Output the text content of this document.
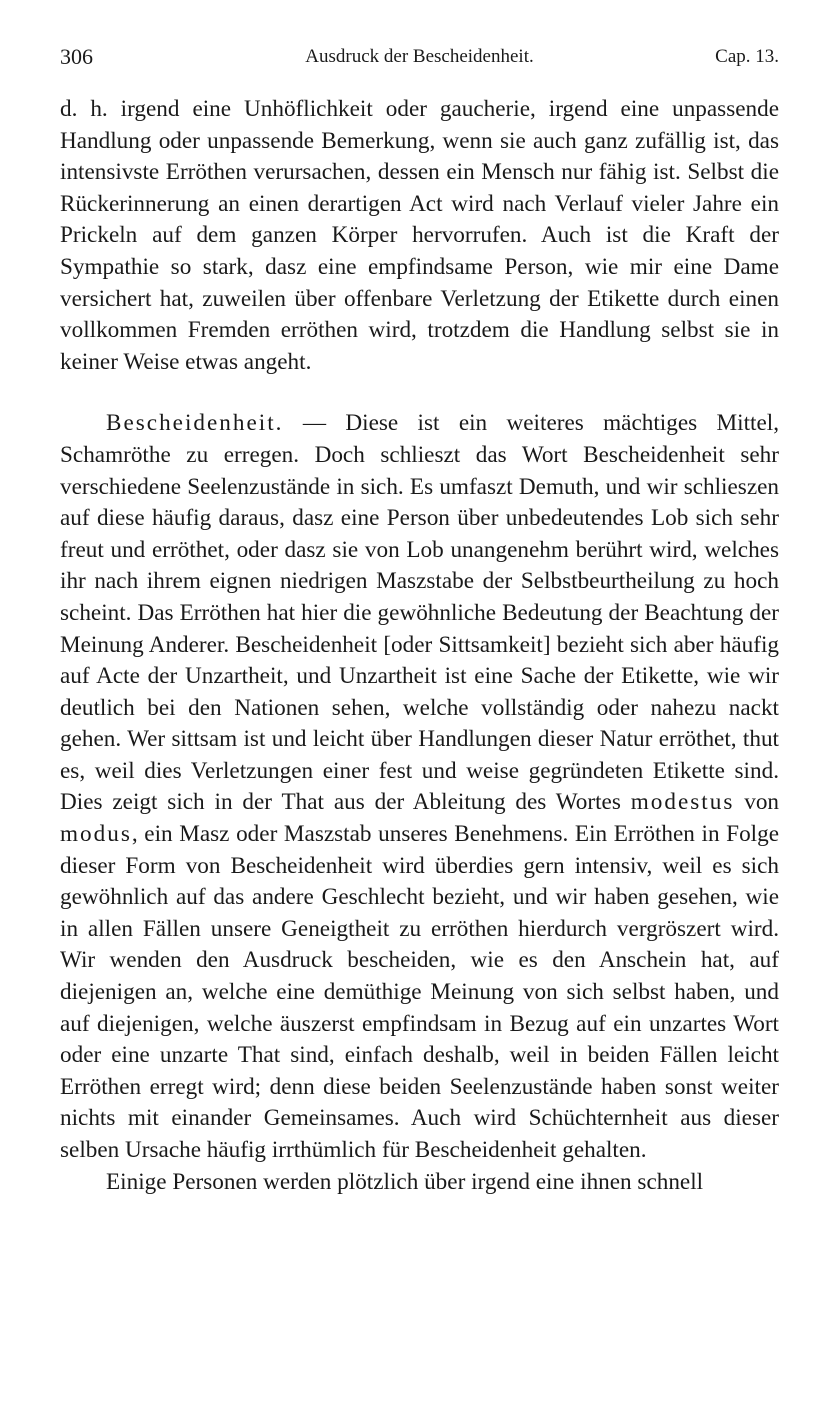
306	Ausdruck der Bescheidenheit.	Cap. 13.

d. h. irgend eine Unhöflichkeit oder gaucherie, irgend eine unpassende Handlung oder unpassende Bemerkung, wenn sie auch ganz zufällig ist, das intensivste Erröthen verursachen, dessen ein Mensch nur fähig ist. Selbst die Rückerinnerung an einen derartigen Act wird nach Verlauf vieler Jahre ein Prickeln auf dem ganzen Körper hervorrufen. Auch ist die Kraft der Sympathie so stark, dasz eine empfindsame Person, wie mir eine Dame versichert hat, zuweilen über offenbare Verletzung der Etikette durch einen vollkommen Fremden erröthen wird, trotzdem die Handlung selbst sie in keiner Weise etwas angeht.

Bescheidenheit. — Diese ist ein weiteres mächtiges Mittel, Schamröthe zu erregen. Doch schlieszt das Wort Bescheidenheit sehr verschiedene Seelenzustände in sich. Es umfaszt Demuth, und wir schlieszen auf diese häufig daraus, dasz eine Person über unbedeutendes Lob sich sehr freut und erröthet, oder dasz sie von Lob unangenehm berührt wird, welches ihr nach ihrem eignen niedrigen Maszstabe der Selbstbeurtheilung zu hoch scheint. Das Erröthen hat hier die gewöhnliche Bedeutung der Beachtung der Meinung Anderer. Bescheidenheit [oder Sittsamkeit] bezieht sich aber häufig auf Acte der Unzartheit, und Unzartheit ist eine Sache der Etikette, wie wir deutlich bei den Nationen sehen, welche vollständig oder nahezu nackt gehen. Wer sittsam ist und leicht über Handlungen dieser Natur erröthet, thut es, weil dies Verletzungen einer fest und weise gegründeten Etikette sind. Dies zeigt sich in der That aus der Ableitung des Wortes modestus von modus, ein Masz oder Maszstab unseres Benehmens. Ein Erröthen in Folge dieser Form von Bescheidenheit wird überdies gern intensiv, weil es sich gewöhnlich auf das andere Geschlecht bezieht, und wir haben gesehen, wie in allen Fällen unsere Geneigtheit zu erröthen hierdurch vergröszert wird. Wir wenden den Ausdruck bescheiden, wie es den Anschein hat, auf diejenigen an, welche eine demüthige Meinung von sich selbst haben, und auf diejenigen, welche äuszerst empfindsam in Bezug auf ein unzartes Wort oder eine unzarte That sind, einfach deshalb, weil in beiden Fällen leicht Erröthen erregt wird; denn diese beiden Seelenzustände haben sonst weiter nichts mit einander Gemeinsames. Auch wird Schüchternheit aus dieser selben Ursache häufig irrthümlich für Bescheidenheit gehalten.

Einige Personen werden plötzlich über irgend eine ihnen schnell
